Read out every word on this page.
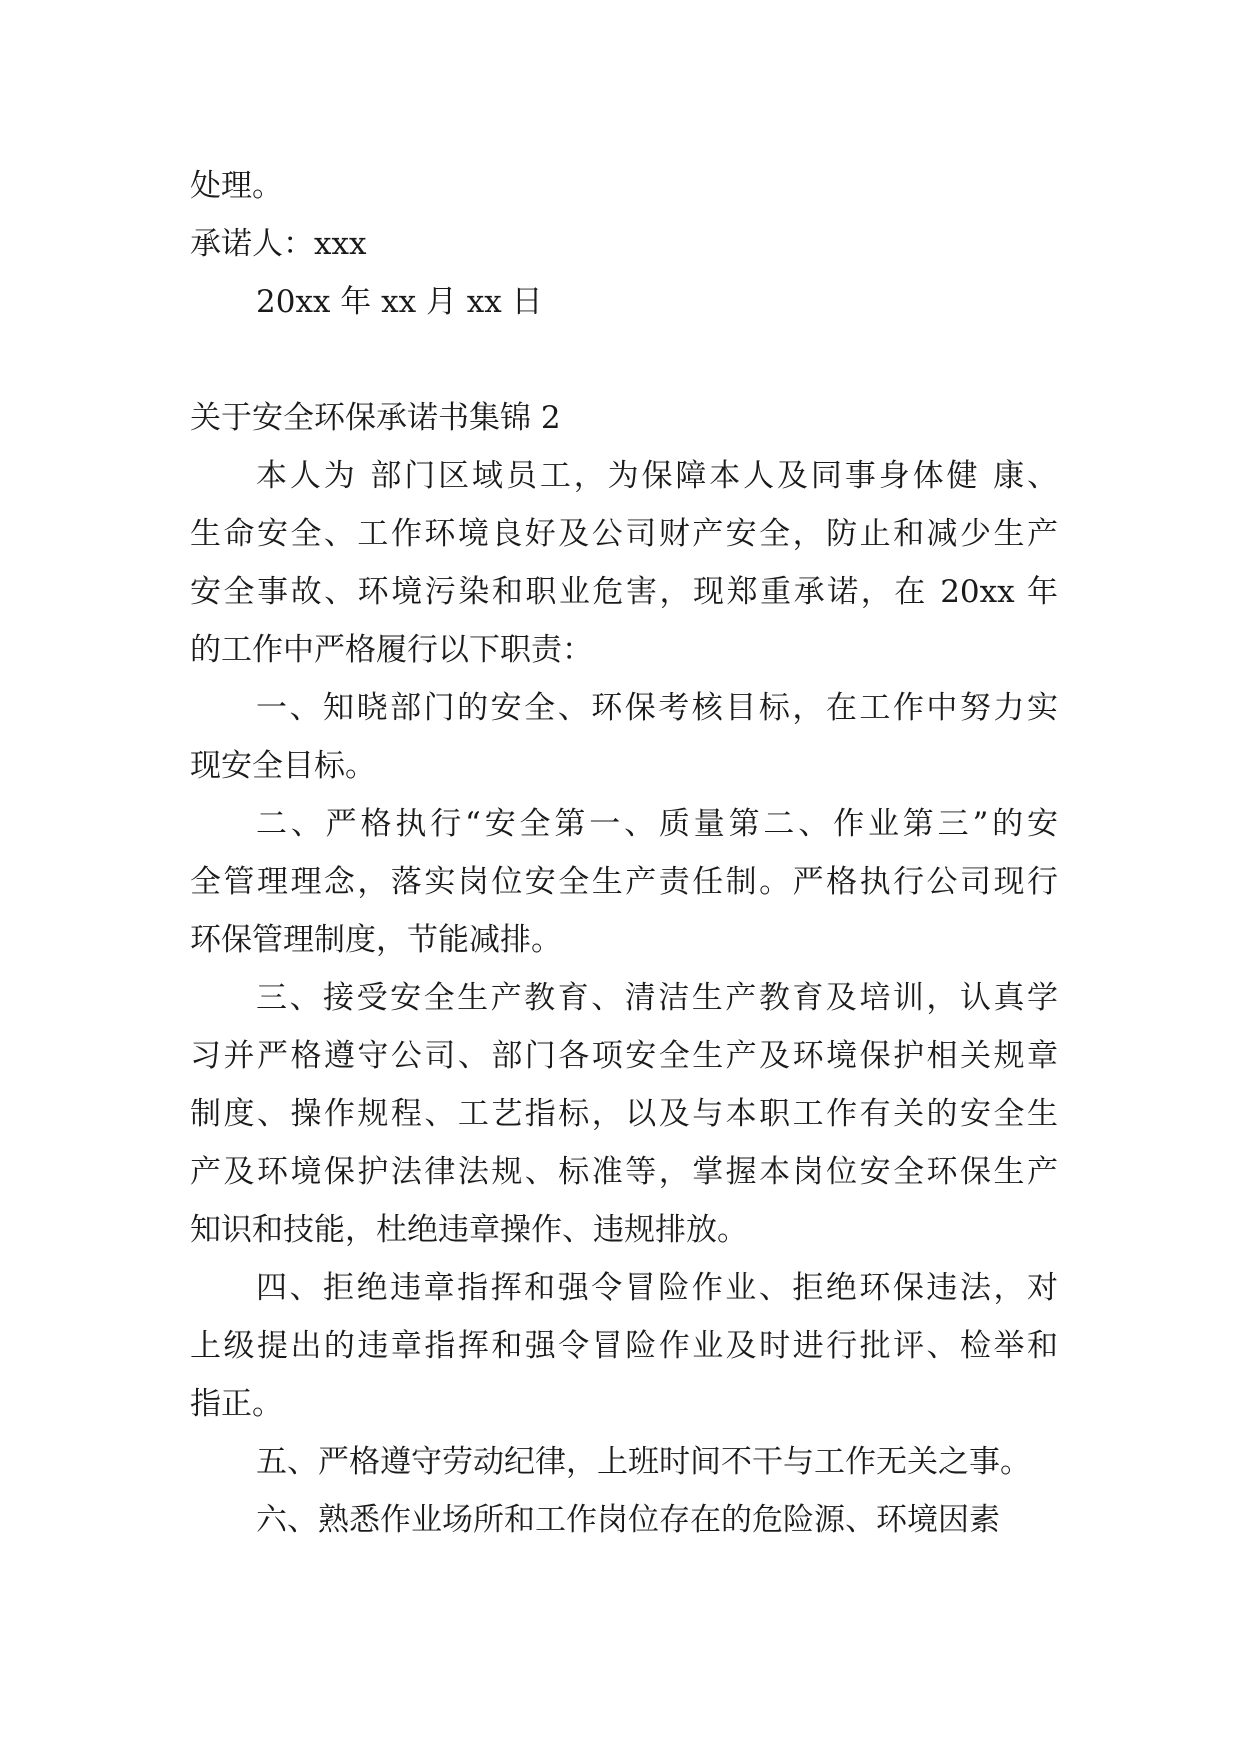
处理。

承诺人：xxx

20xx 年 xx 月 xx 日

关于安全环保承诺书集锦 2

本人为 部门区域员工，为保障本人及同事身体健 康、

生命安全、工作环境良好及公司财产安全，防止和减少生产

安全事故、环境污染和职业危害，现郑重承诺，在 20xx 年

的工作中严格履行以下职责：

一、知晓部门的安全、环保考核目标，在工作中努力实

现安全目标。

二、严格执行“安全第一、质量第二、作业第三”的安

全管理理念，落实岗位安全生产责任制。严格执行公司现行

环保管理制度，节能减排。

三、接受安全生产教育、清洁生产教育及培训，认真学

习并严格遵守公司、部门各项安全生产及环境保护相关规章

制度、操作规程、工艺指标，以及与本职工作有关的安全生

产及环境保护法律法规、标准等，掌握本岗位安全环保生产

知识和技能，杜绝违章操作、违规排放。

四、拒绝违章指挥和强令冒险作业、拒绝环保违法，对

上级提出的违章指挥和强令冒险作业及时进行批评、检举和

指正。

五、严格遵守劳动纪律，上班时间不干与工作无关之事。

六、熟悉作业场所和工作岗位存在的危险源、环境因素
